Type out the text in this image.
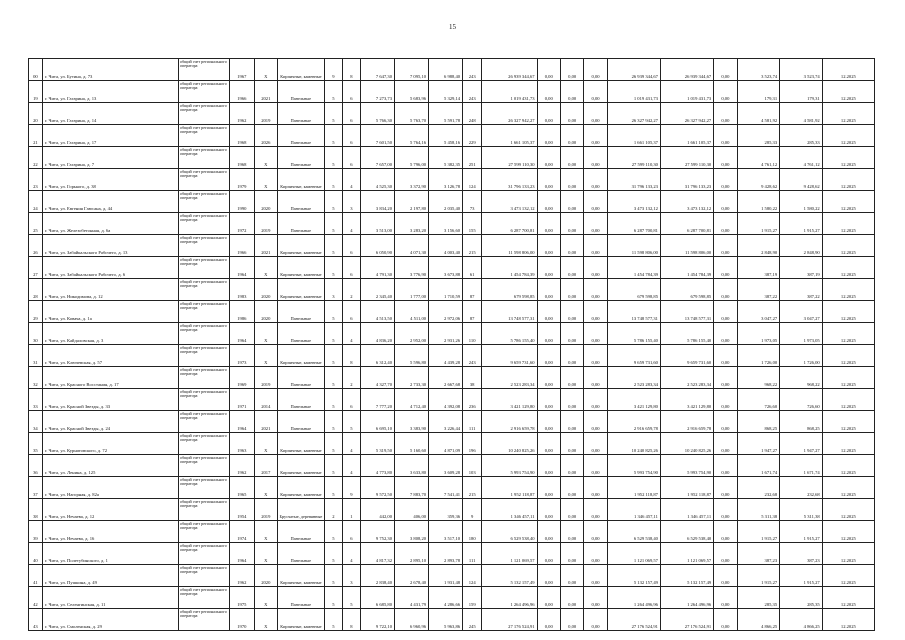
15
00	г. Чита, ул. Бутина, д. 73	общий счет регионального оператора	1967	Х	Кирпичные, каменные	9	8	7 647,30	7 095,10	6 988,40	243	26 939 344,67	0,00	0,00	0,00	26 939 344,67	26 939 344,67	0,00	3 523,74	3 523,74	12.2025
19	г. Чита, ул. Гагарина, д. 13	общий счет регионального оператора	1966	2021	Панельные	5	6	7 273,73	5 683,96	5 329,14	243	1 019 431,73	0,00	0,00	0,00	1 019 431,73	1 019 431,73	0,00	179,31	179,31	12.2025
20	г. Чита, ул. Гагарина, д. 14	общий счет регионального оператора	1962	2019	Панельные	5	6	5 766,30	5 763,70	5 591,78	248	26 327 942,27	0,00	0,00	0,00	26 327 942,27	26 327 942,27	0,00	4 581,92	4 581,92	12.2025
21	г. Чита, ул. Гагарина, д. 17	общий счет регионального оператора	1968	2026	Панельные	5	6	7 601,50	5 764,16	5 458,16	229	1 661 105,37	0,00	0,00	0,00	1 661 105,37	1 661 105,37	0,00	285,33	285,33	12.2025
22	г. Чита, ул. Гагарина, д. 7	общий счет регионального оператора	1968	Х	Панельные	5	6	7 657,00	5 796,00	5 382,35	251	27 599 110,30	0,00	0,00	0,00	27 599 110,30	27 599 110,30	0,00	4 761,12	4 761,12	12.2025
23	г. Чита, ул. Горького, д. 38	общий счет регионального оператора	1979	Х	Кирпичные, каменные	5	4	4 525,30	3 372,90	3 126,78	124	31 796 133,23	0,00	0,00	0,00	31 796 133,23	31 796 133,23	0,00	9 428,62	9 428,62	12.2025
24	г. Чита, ул. Евгения Гаюсана, д. 44	общий счет регионального оператора	1990	2020	Панельные	5	3	3 834,20	2 197,80	2 035,40	73	3 473 132,12	0,00	0,00	0,00	3 473 132,12	3 473 132,12	0,00	1 580,22	1 580,22	12.2025
25	г. Чита, ул. Железобетонная, д. 6а	общий счет регионального оператора	1972	2019	Панельные	5	4	3 513,00	3 283,20	3 156,60	155	6 287 700,81	0,00	0,00	0,00	6 287 700,81	6 287 700,81	0,00	1 915,27	1 915,27	12.2025
26	г. Чита, ул. Забайкальского Рабочего, д. 13	общий счет регионального оператора	1966	2021	Кирпичные, каменные	5	6	6 050,90	4 071,30	4 003,40	215	11 598 806,00	0,00	0,00	0,00	11 598 806,00	11 598 806,00	0,00	2 848,90	2 848,90	12.2025
27	г. Чита, ул. Забайкальского Рабочего, д. 6	общий счет регионального оператора	1964	Х	Кирпичные, каменные	5	6	4 791,30	3 776,90	3 673,88	61	1 454 784,39	0,00	0,00	0,00	1 454 784,39	1 454 784,39	0,00	387,19	387,19	12.2025
28	г. Чита, ул. Никодимова, д. 12	общий счет регионального оператора	1983	2020	Кирпичные, каменные	3	2	2 345,40	1 777,00	1 710,59	87	679 598,85	0,00	0,00	0,00	679 598,85	679 598,85	0,00	387,22	387,22	12.2025
29	г. Чита, ул. Ковача, д. 1а	общий счет регионального оператора	1986	2020	Панельные	5	6	4 513,50	4 511,00	2 972,06	87	13 748 577,31	0,00	0,00	0,00	13 748 577,31	13 748 577,31	0,00	3 047,27	3 047,27	12.2025
30	г. Чита, ул. Кайдаловская, д. 3	общий счет регионального оператора	1964	Х	Панельные	5	4	4 836,20	2 952,00	2 931,26	110	5 786 155,40	0,00	0,00	0,00	5 786 155,40	5 786 155,40	0,00	1 973,05	1 973,05	12.2025
31	г. Чита, ул. Ключевская, д. 57	общий счет регионального оператора	1973	Х	Кирпичные, каменные	5	8	6 312,40	5 596,80	4 439,28	243	9 659 731,60	0,00	0,00	0,00	9 659 731,60	9 659 731,60	0,00	1 726,00	1 726,00	12.2025
32	г. Чита, ул. Красного Восстания, д. 17	общий счет регионального оператора	1969	2019	Панельные	5	2	4 327,70	2 733,30	2 667,68	38	2 523 283,34	0,00	0,00	0,00	2 523 283,34	2 523 283,34	0,00	968,22	968,22	12.2025
33	г. Чита, ул. Красной Звезды, д. 33	общий счет регионального оператора	1971	2014	Панельные	5	6	7 777,20	4 712,40	4 392,08	236	3 421 129,80	0,00	0,00	0,00	3 421 129,80	3 421 129,80	0,00	726,60	726,60	12.2025
34	г. Чита, ул. Красной Звезды, д. 24	общий счет регионального оператора	1964	2021	Панельные	5	5	6 695,10	3 383,90	3 226,44	111	2 916 659,78	0,00	0,00	0,00	2 916 659,78	2 916 659,78	0,00	868,25	868,25	12.2025
35	г. Чита, ул. Курнатовского, д. 72	общий счет регионального оператора	1963	Х	Кирпичные, каменные	5	4	5 319,50	5 160,60	4 871,09	196	10 240 825,26	0,00	0,00	0,00	10 240 825,26	10 240 825,26	0,00	1 947,27	1 947,27	12.2025
36	г. Чита, ул. Ленина, д. 125	общий счет регионального оператора	1962	2017	Кирпичные, каменные	5	4	4 773,80	3 633,80	3 609,28	103	5 993 754,90	0,00	0,00	0,00	5 993 754,90	5 993 754,90	0,00	1 671,74	1 671,74	12.2025
37	г. Чита, ул. Нагорная, д. 82а	общий счет регионального оператора	1965	Х	Кирпичные, каменные	5	9	9 572,50	7 883,70	7 541,41	215	1 952 118,87	0,00	0,00	0,00	1 952 118,87	1 952 118,87	0,00	232,68	232,68	12.2025
38	г. Чита, ул. Нечаева, д. 12	общий счет регионального оператора	1954	2019	Брусчатые, деревянные	2	1	442,00	406,00	359,36	9	1 346 457,11	0,00	0,00	0,00	1 346 457,11	1 346 457,11	0,00	5 311,38	5 311,38	12.2025
39	г. Чита, ул. Нечаева, д. 16	общий счет регионального оператора	1974	Х	Панельные	5	6	9 752,30	3 808,20	3 517,10	180	6 529 538,40	0,00	0,00	0,00	6 529 538,40	6 529 538,40	0,00	1 915,27	1 915,27	12.2025
40	г. Чита, ул. Полетубинского, д. 1	общий счет регионального оператора	1964	Х	Панельные	5	4	4 817,32	2 895,10	2 893,78	111	1 121 069,57	0,00	0,00	0,00	1 121 069,57	1 121 069,57	0,00	387,23	387,23	12.2025
41	г. Чита, ул. Пушкина, д. 49	общий счет регионального оператора	1962	2020	Кирпичные, каменные	5	3	2 838,40	2 678,40	1 931,48	124	5 132 157,49	0,00	0,00	0,00	5 132 157,49	5 132 157,49	0,00	1 915,27	1 915,27	12.2025
42	г. Чита, ул. Селенгинская, д. 11	общий счет регионального оператора	1975	Х	Панельные	5	5	6 685,80	4 431,79	4 286,66	159	1 264 496,96	0,00	0,00	0,00	1 264 496,96	1 264 496,96	0,00	285,35	285,35	12.2025
43	г. Чита, ул. Смоленская, д. 29	общий счет регионального оператора	1970	Х	Кирпичные, каменные	5	8	9 722,10	6 960,96	5 963,86	245	27 176 524,91	0,00	0,00	0,00	27 176 524,91	27 176 524,91	0,00	4 866,25	4 866,25	12.2025
